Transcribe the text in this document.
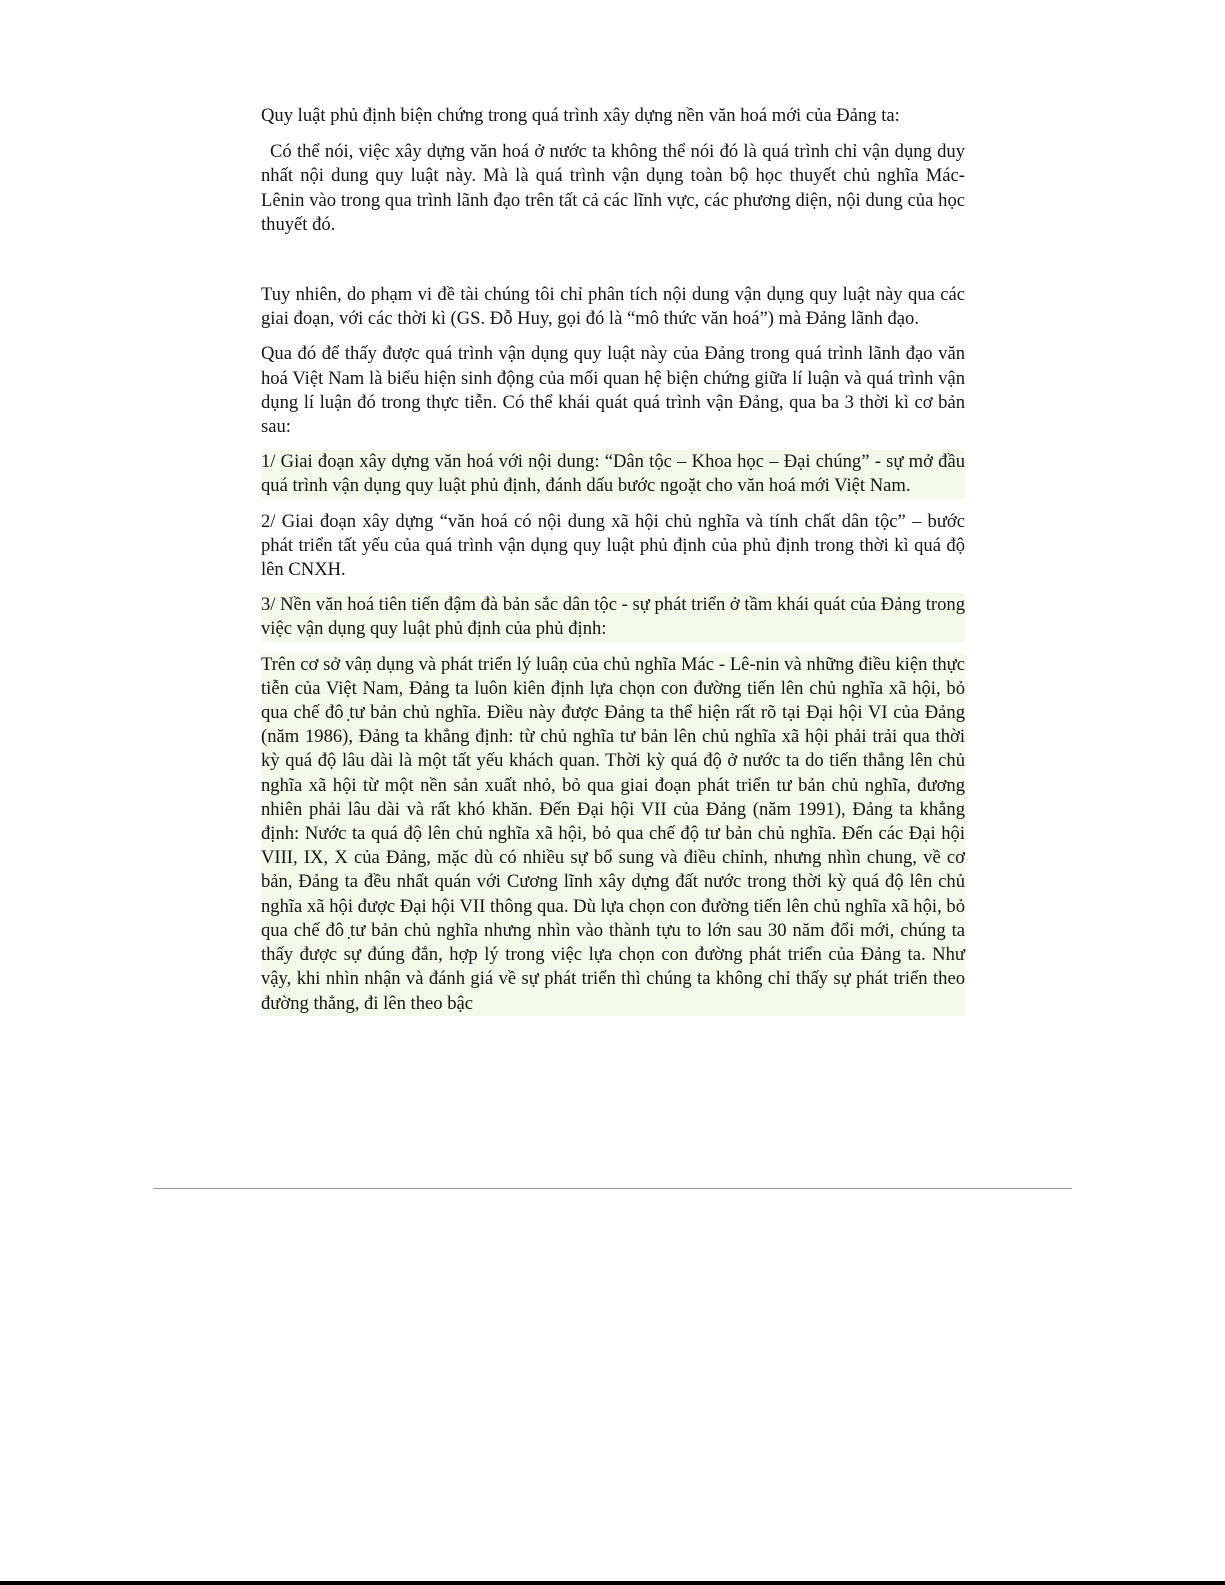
Quy luật phủ định biện chứng trong quá trình xây dựng nền văn hoá mới của Đảng ta:

Có thể nói, việc xây dựng văn hoá ở nước ta không thể nói đó là quá trình chỉ vận dụng duy nhất nội dung quy luật này. Mà là quá trình vận dụng toàn bộ học thuyết chủ nghĩa Mác- Lênin vào trong qua trình lãnh đạo trên tất cả các lĩnh vực, các phương diện, nội dung của học thuyết đó.

Tuy nhiên, do phạm vi đề tài chúng tôi chỉ phân tích nội dung vận dụng quy luật này qua các giai đoạn, với các thời kì (GS. Đỗ Huy, gọi đó là “mô thức văn hoá”) mà Đảng lãnh đạo.

Qua đó để thấy được quá trình vận dụng quy luật này của Đảng trong quá trình lãnh đạo văn hoá Việt Nam là biểu hiện sinh động của mối quan hệ biện chứng giữa lí luận và quá trình vận dụng lí luận đó trong thực tiễn. Có thể khái quát quá trình vận Đảng, qua ba 3 thời kì cơ bản sau:

1/ Giai đoạn xây dựng văn hoá với nội dung: “Dân tộc – Khoa học – Đại chúng” - sự mở đầu quá trình vận dụng quy luật phủ định, đánh dấu bước ngoặt cho văn hoá mới Việt Nam.

2/ Giai đoạn xây dựng “văn hoá có nội dung xã hội chủ nghĩa và tính chất dân tộc” – bước phát triển tất yếu của quá trình vận dụng quy luật phủ định của phủ định trong thời kì quá độ lên CNXH.

3/ Nền văn hoá tiên tiến đậm đà bản sắc dân tộc - sự phát triển ở tầm khái quát của Đảng trong việc vận dụng quy luật phủ định của phủ định:

Trên cơ sở vâṇ dụng và phát triển lý luâṇ của chủ nghĩa Mác - Lê-nin và những điều kiện thực tiễn của Việt Nam, Đảng ta luôn kiên định lựa chọn con đường tiến lên chủ nghĩa xã hội, bỏ qua chế đô ̣tư bản chủ nghĩa. Điều này được Đảng ta thể hiện rất rõ tại Đại hội VI của Đảng (năm 1986), Đảng ta khẳng định: từ chủ nghĩa tư bản lên chủ nghĩa xã hội phải trải qua thời kỳ quá độ lâu dài là một tất yếu khách quan. Thời kỳ quá độ ở nước ta do tiến thẳng lên chủ nghĩa xã hội từ một nền sản xuất nhỏ, bỏ qua giai đoạn phát triển tư bản chủ nghĩa, đương nhiên phải lâu dài và rất khó khăn. Đến Đại hội VII của Đảng (năm 1991), Đảng ta khẳng định: Nước ta quá độ lên chủ nghĩa xã hội, bỏ qua chế độ tư bản chủ nghĩa. Đến các Đại hội VIII, IX, X của Đảng, mặc dù có nhiều sự bổ sung và điều chỉnh, nhưng nhìn chung, về cơ bản, Đảng ta đều nhất quán với Cương lĩnh xây dựng đất nước trong thời kỳ quá độ lên chủ nghĩa xã hội được Đại hội VII thông qua. Dù lựa chọn con đường tiến lên chủ nghĩa xã hội, bỏ qua chế đô ̣tư bản chủ nghĩa nhưng nhìn vào thành tựu to lớn sau 30 năm đổi mới, chúng ta thấy được sự đúng đắn, hợp lý trong việc lựa chọn con đường phát triển của Đảng ta. Như vậy, khi nhìn nhận và đánh giá về sự phát triển thì chúng ta không chỉ thấy sự phát triển theo đường thẳng, đi lên theo bậc
